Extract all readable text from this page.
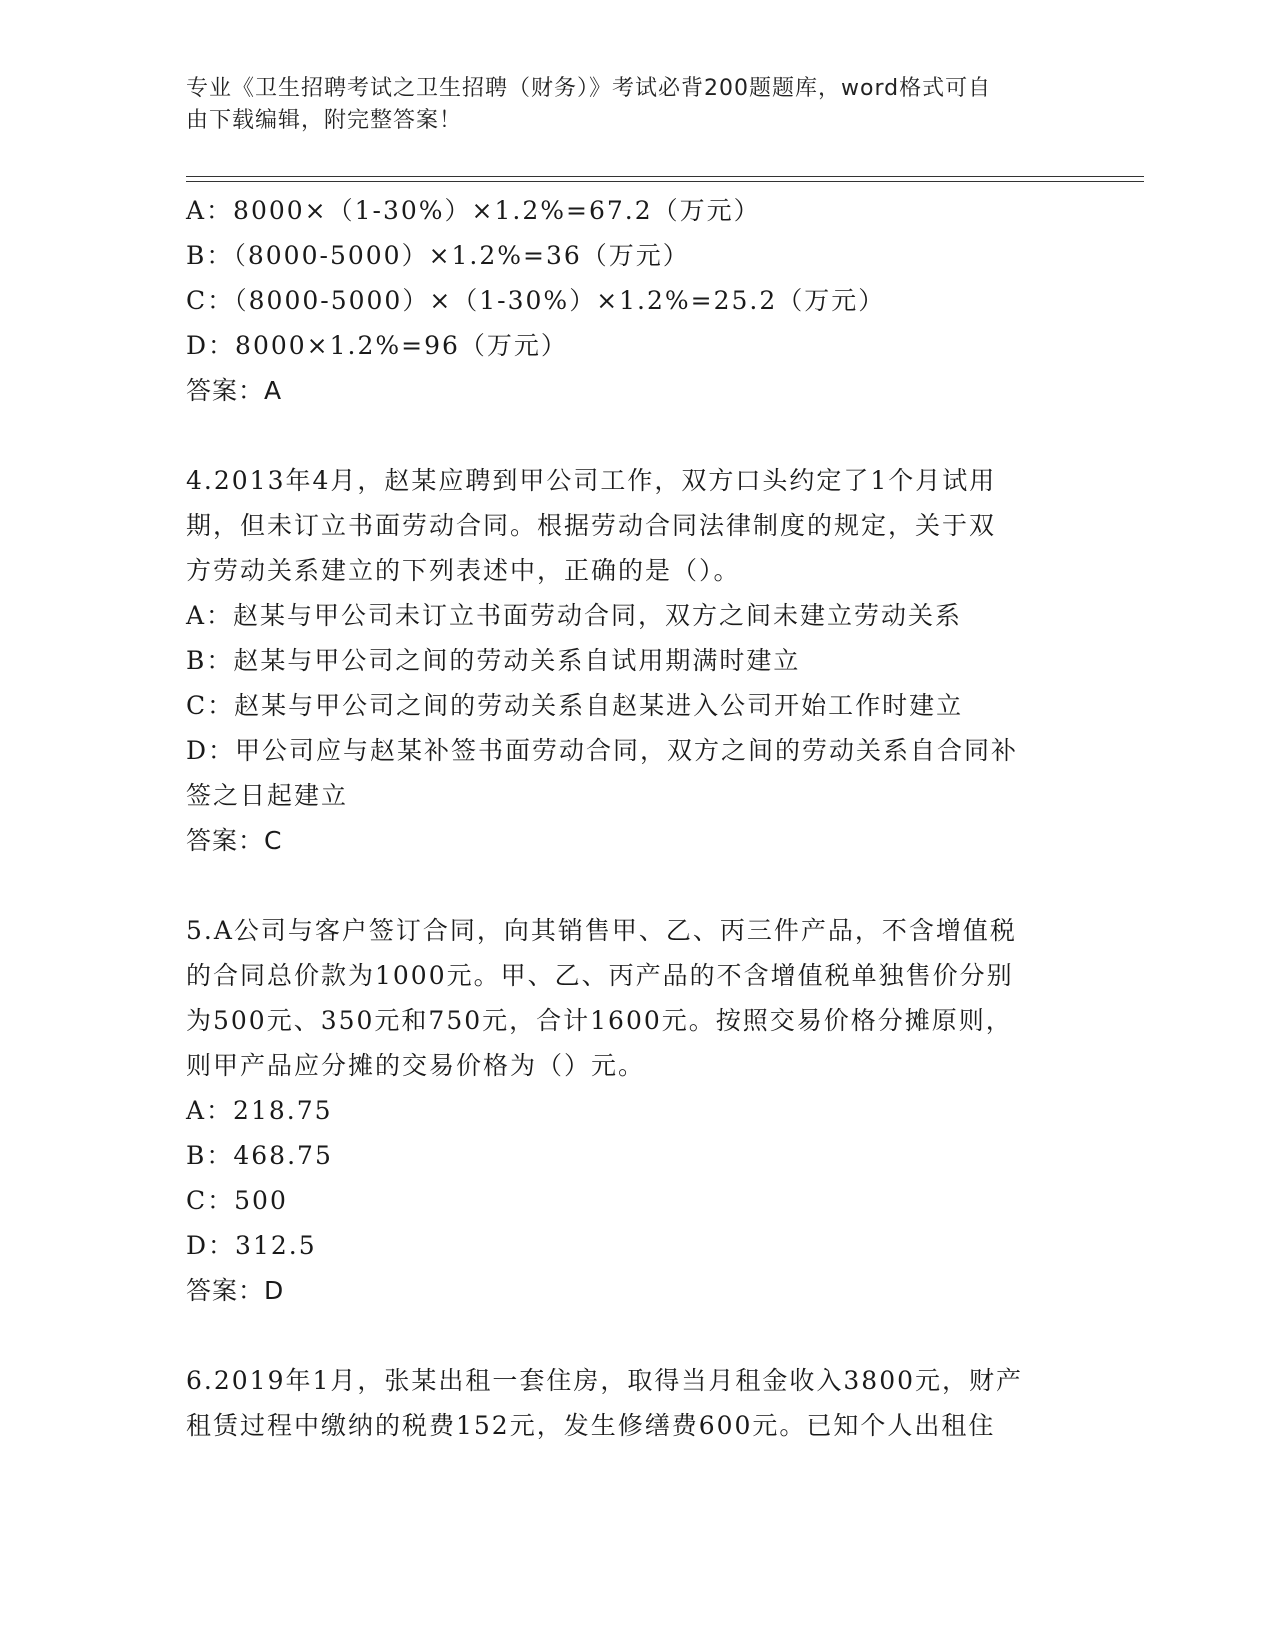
专业《卫生招聘考试之卫生招聘（财务）》考试必背200题题库，word格式可自
由下载编辑，附完整答案！
A：8000×（1-30%）×1.2%=67.2（万元）
B：（8000-5000）×1.2%=36（万元）
C：（8000-5000）×（1-30%）×1.2%=25.2（万元）
D：8000×1.2%=96（万元）
答案：A
4.2013年4月，赵某应聘到甲公司工作，双方口头约定了1个月试用
期，但未订立书面劳动合同。根据劳动合同法律制度的规定，关于双
方劳动关系建立的下列表述中，正确的是（）。
A：赵某与甲公司未订立书面劳动合同，双方之间未建立劳动关系
B：赵某与甲公司之间的劳动关系自试用期满时建立
C：赵某与甲公司之间的劳动关系自赵某进入公司开始工作时建立
D：甲公司应与赵某补签书面劳动合同，双方之间的劳动关系自合同补
签之日起建立
答案：C
5.A公司与客户签订合同，向其销售甲、乙、丙三件产品，不含增值税
的合同总价款为1000元。甲、乙、丙产品的不含增值税单独售价分别
为500元、350元和750元，合计1600元。按照交易价格分摊原则，
则甲产品应分摊的交易价格为（）元。
A：218.75
B：468.75
C：500
D：312.5
答案：D
6.2019年1月，张某出租一套住房，取得当月租金收入3800元，财产
租赁过程中缴纳的税费152元，发生修缮费600元。已知个人出租住
